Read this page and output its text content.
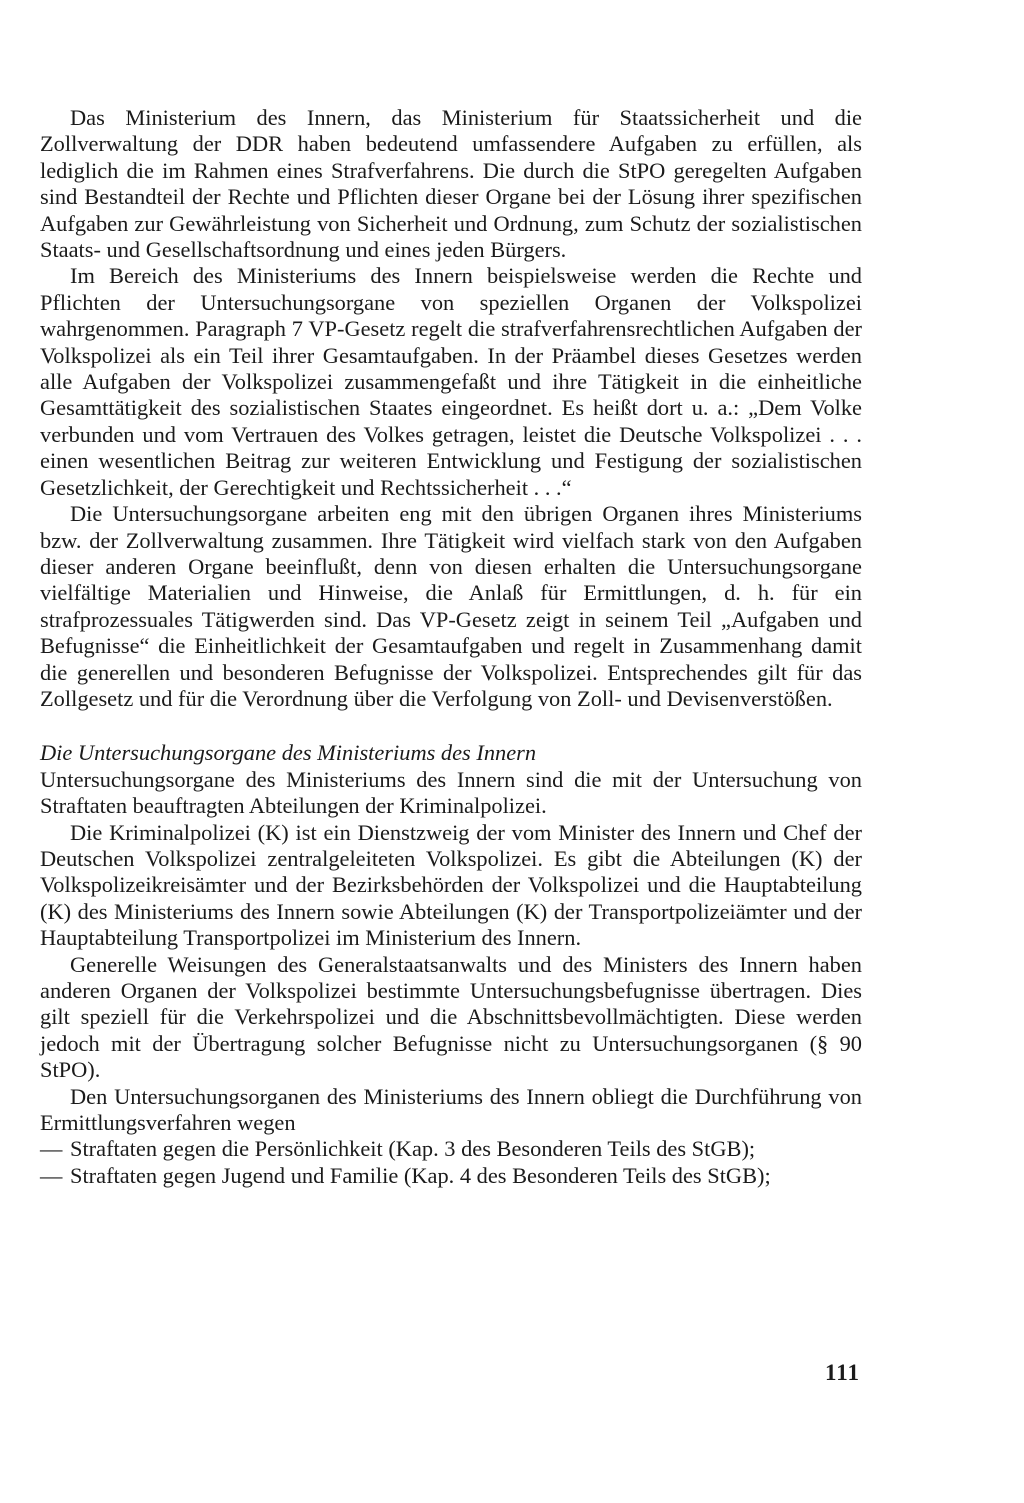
Das Ministerium des Innern, das Ministerium für Staatssicherheit und die Zollverwaltung der DDR haben bedeutend umfassendere Aufgaben zu erfüllen, als lediglich die im Rahmen eines Strafverfahrens. Die durch die StPO geregelten Aufgaben sind Bestandteil der Rechte und Pflichten dieser Organe bei der Lösung ihrer spezifischen Aufgaben zur Gewährleistung von Sicherheit und Ordnung, zum Schutz der sozialistischen Staats- und Gesellschaftsordnung und eines jeden Bürgers.

Im Bereich des Ministeriums des Innern beispielsweise werden die Rechte und Pflichten der Untersuchungsorgane von speziellen Organen der Volkspolizei wahrgenommen. Paragraph 7 VP-Gesetz regelt die strafverfahrensrechtlichen Aufgaben der Volkspolizei als ein Teil ihrer Gesamtaufgaben. In der Präambel dieses Gesetzes werden alle Aufgaben der Volkspolizei zusammengefaßt und ihre Tätigkeit in die einheitliche Gesamttätigkeit des sozialistischen Staates eingeordnet. Es heißt dort u. a.: „Dem Volke verbunden und vom Vertrauen des Volkes getragen, leistet die Deutsche Volkspolizei . . . einen wesentlichen Beitrag zur weiteren Entwicklung und Festigung der sozialistischen Gesetzlichkeit, der Gerechtigkeit und Rechtssicherheit . . .“

Die Untersuchungsorgane arbeiten eng mit den übrigen Organen ihres Ministeriums bzw. der Zollverwaltung zusammen. Ihre Tätigkeit wird vielfach stark von den Aufgaben dieser anderen Organe beeinflußt, denn von diesen erhalten die Untersuchungsorgane vielfältige Materialien und Hinweise, die Anlaß für Ermittlungen, d. h. für ein strafprozessuales Tätigwerden sind. Das VP-Gesetz zeigt in seinem Teil „Aufgaben und Befugnisse“ die Einheitlichkeit der Gesamtaufgaben und regelt in Zusammenhang damit die generellen und besonderen Befugnisse der Volkspolizei. Entsprechendes gilt für das Zollgesetz und für die Verordnung über die Verfolgung von Zoll- und Devisenverstößen.

Die Untersuchungsorgane des Ministeriums des Innern

Untersuchungsorgane des Ministeriums des Innern sind die mit der Untersuchung von Straftaten beauftragten Abteilungen der Kriminalpolizei.

Die Kriminalpolizei (K) ist ein Dienstzweig der vom Minister des Innern und Chef der Deutschen Volkspolizei zentralgeleiteten Volkspolizei. Es gibt die Abteilungen (K) der Volkspolizeikreisämter und der Bezirksbehörden der Volkspolizei und die Hauptabteilung (K) des Ministeriums des Innern sowie Abteilungen (K) der Transportpolizeiämter und der Hauptabteilung Transportpolizei im Ministerium des Innern.

Generelle Weisungen des Generalstaatsanwalts und des Ministers des Innern haben anderen Organen der Volkspolizei bestimmte Untersuchungsbefugnisse übertragen. Dies gilt speziell für die Verkehrspolizei und die Abschnittsbevollmächtigten. Diese werden jedoch mit der Übertragung solcher Befugnisse nicht zu Untersuchungsorganen (§ 90 StPO).

Den Untersuchungsorganen des Ministeriums des Innern obliegt die Durchführung von Ermittlungsverfahren wegen

— Straftaten gegen die Persönlichkeit (Kap. 3 des Besonderen Teils des StGB);
— Straftaten gegen Jugend und Familie (Kap. 4 des Besonderen Teils des StGB);
111
